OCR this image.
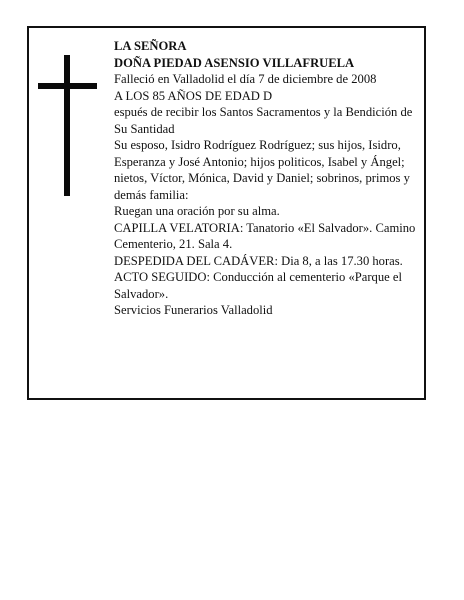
LA SEÑORA
DOÑA PIEDAD ASENSIO VILLAFRUELA
Falleció en Valladolid el día 7 de diciembre de 2008
A LOS 85 AÑOS DE EDAD D
espués de recibir los Santos Sacramentos y la Bendición de Su Santidad
Su esposo, Isidro Rodríguez Rodríguez; sus hijos, Isidro, Esperanza y José Antonio; hijos politicos, Isabel y Ángel; nietos, Víctor, Mónica, David y Daniel; sobrinos, primos y demás familia:
Ruegan una oración por su alma.
CAPILLA VELATORIA: Tanatorio «El Salvador». Camino Cementerio, 21. Sala 4.
DESPEDIDA DEL CADÁVER: Dia 8, a las 17.30 horas.
ACTO SEGUIDO: Conducción al cementerio «Parque el Salvador».
Servicios Funerarios Valladolid
